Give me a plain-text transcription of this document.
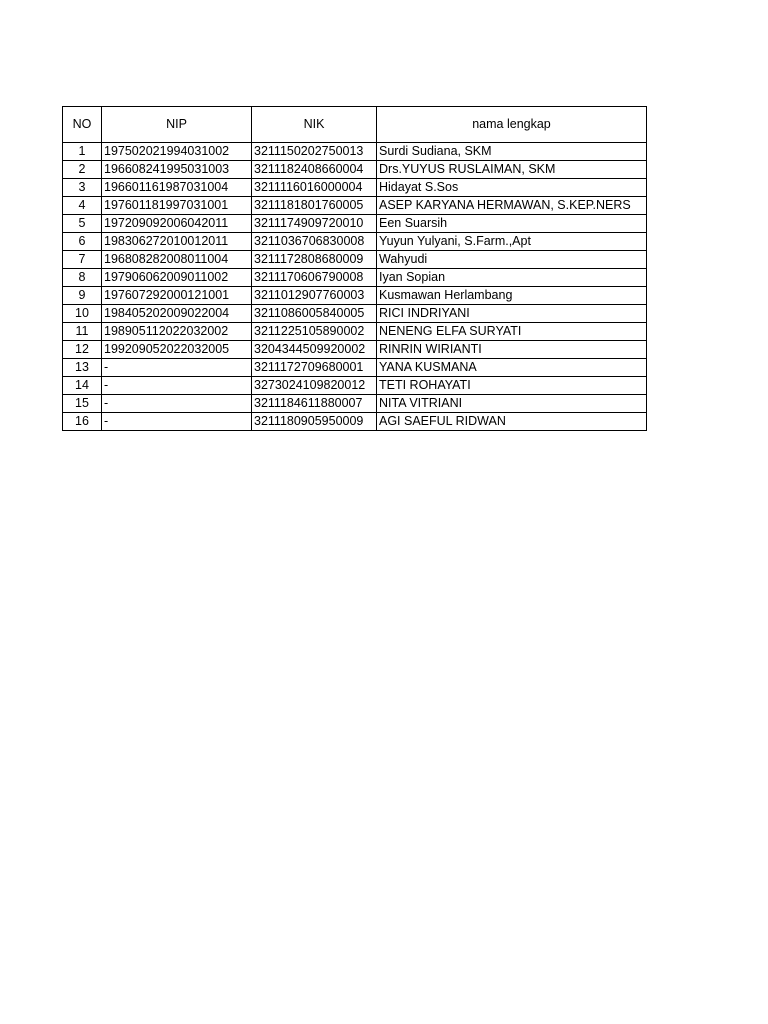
NO	NIP	NIK	nama lengkap
1	197502021994031002	3211150202750013	Surdi Sudiana, SKM
2	196608241995031003	3211182408660004	Drs.YUYUS RUSLAIMAN, SKM
3	196601161987031004	3211116016000004	Hidayat S.Sos
4	197601181997031001	3211181801760005	ASEP KARYANA HERMAWAN, S.KEP.NERS
5	197209092006042011	3211174909720010	Een Suarsih
6	198306272010012011	3211036706830008	Yuyun Yulyani, S.Farm.,Apt
7	196808282008011004	3211172808680009	Wahyudi
8	197906062009011002	3211170606790008	Iyan Sopian
9	197607292000121001	3211012907760003	Kusmawan Herlambang
10	198405202009022004	3211086005840005	RICI INDRIYANI
11	198905112022032002	3211225105890002	NENENG ELFA SURYATI
12	199209052022032005	3204344509920002	RINRIN WIRIANTI
13	-	3211172709680001	YANA KUSMANA
14	-	3273024109820012	TETI ROHAYATI
15	-	3211184611880007	NITA VITRIANI
16	-	3211180905950009	AGI SAEFUL RIDWAN
